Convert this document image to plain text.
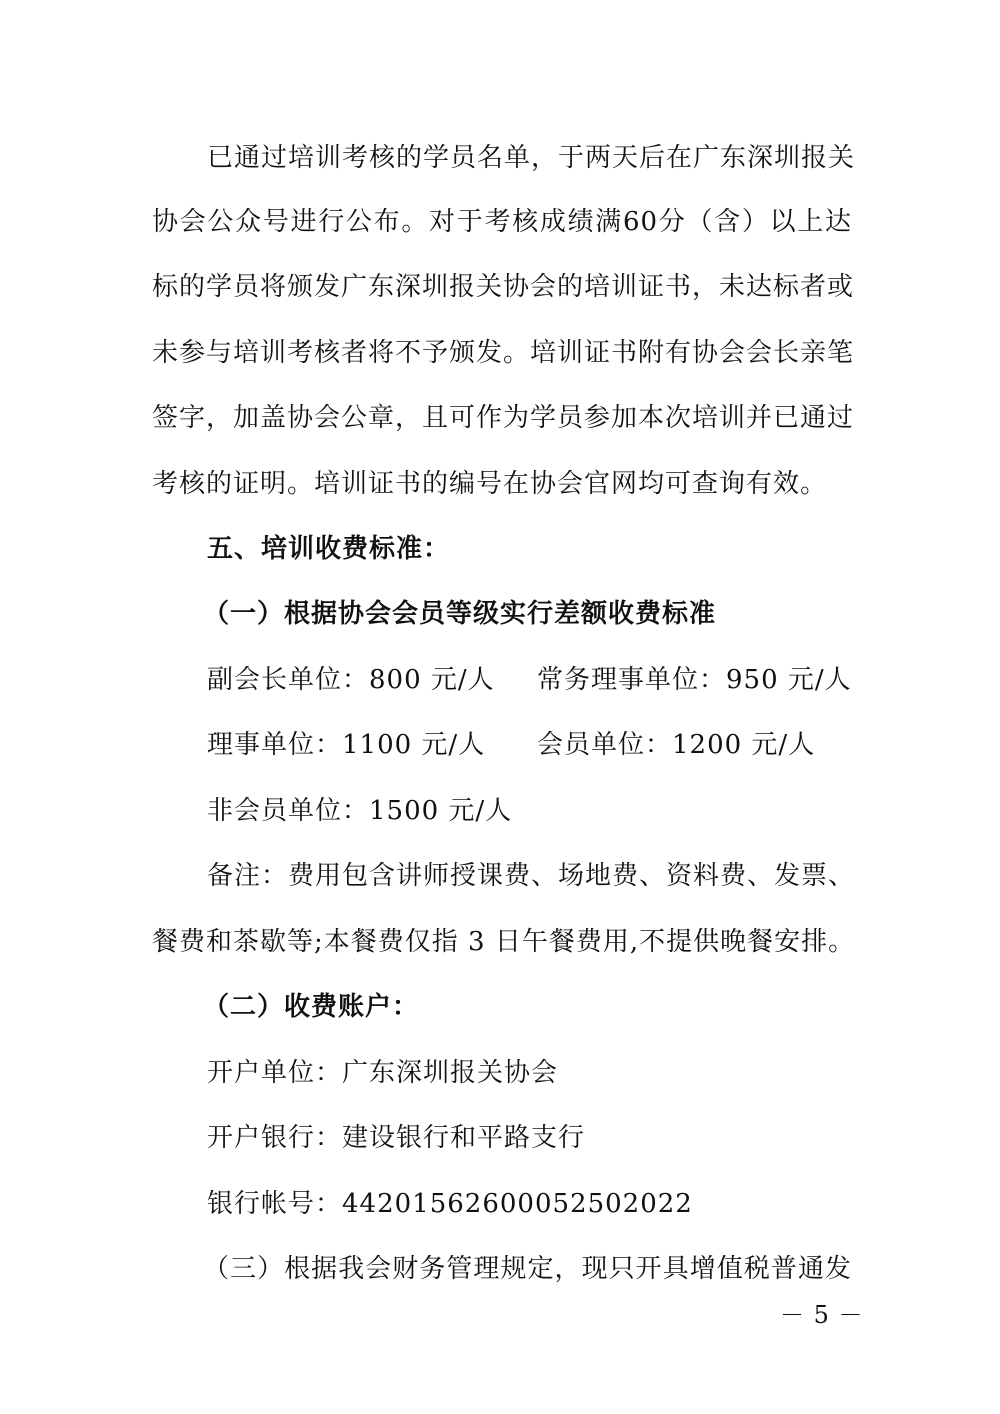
已通过培训考核的学员名单，于两天后在广东深圳报关
协会公众号进行公布。对于考核成绩满60分（含）以上达
标的学员将颁发广东深圳报关协会的培训证书，未达标者或
未参与培训考核者将不予颁发。培训证书附有协会会长亲笔
签字，加盖协会公章，且可作为学员参加本次培训并已通过
考核的证明。培训证书的编号在协会官网均可查询有效。
五、培训收费标准：
（一）根据协会会员等级实行差额收费标准
副会长单位：800 元/人 常务理事单位：950 元/人
理事单位：1100 元/人 会员单位：1200 元/人
非会员单位：1500 元/人
备注：费用包含讲师授课费、场地费、资料费、发票、
餐费和茶歇等;本餐费仅指 3 日午餐费用,不提供晚餐安排。
（二）收费账户：
开户单位：广东深圳报关协会
开户银行：建设银行和平路支行
银行帐号：44201562600052502022
（三）根据我会财务管理规定，现只开具增值税普通发
－ 5 －
